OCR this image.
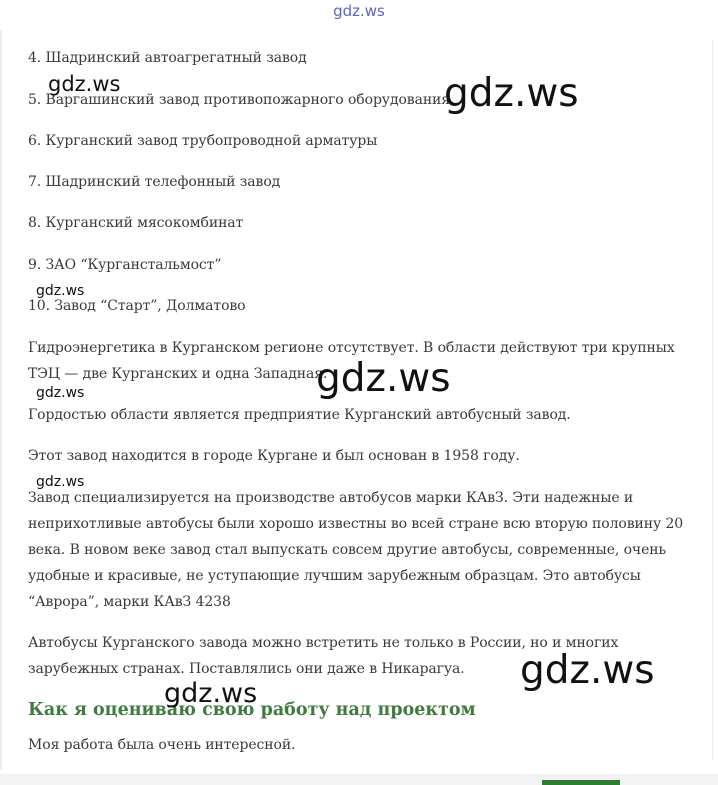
gdz.ws

4. Шадринский автоагрегатный завод

5. Варгашинский завод противопожарного оборудования

6. Курганский завод трубопроводной арматуры

7. Шадринский телефонный завод

8. Курганский мясокомбинат

9. ЗАО “Курганстальмост”

10. Завод “Старт”, Долматово

Гидроэнергетика в Курганском регионе отсутствует. В области действуют три крупных ТЭЦ — две Курганских и одна Западная.

Гордостью области является предприятие Курганский автобусный завод.

Этот завод находится в городе Кургане и был основан в 1958 году.

Завод специализируется на производстве автобусов марки КАвЗ. Эти надежные и неприхотливые автобусы были хорошо известны во всей стране всю вторую половину 20 века. В новом веке завод стал выпускать совсем другие автобусы, современные, очень удобные и красивые, не уступающие лучшим зарубежным образцам. Это автобусы “Аврора”, марки КАвЗ 4238

Автобусы Курганского завода можно встретить не только в России, но и многих зарубежных странах. Поставлялись они даже в Никарагуа.

Как я оцениваю свою работу над проектом

Моя работа была очень интересной.

gdz.ws	gdz.ws
gdz.ws
gdz.ws
gdz.ws
gdz.ws
gdz.ws
gdz.ws
